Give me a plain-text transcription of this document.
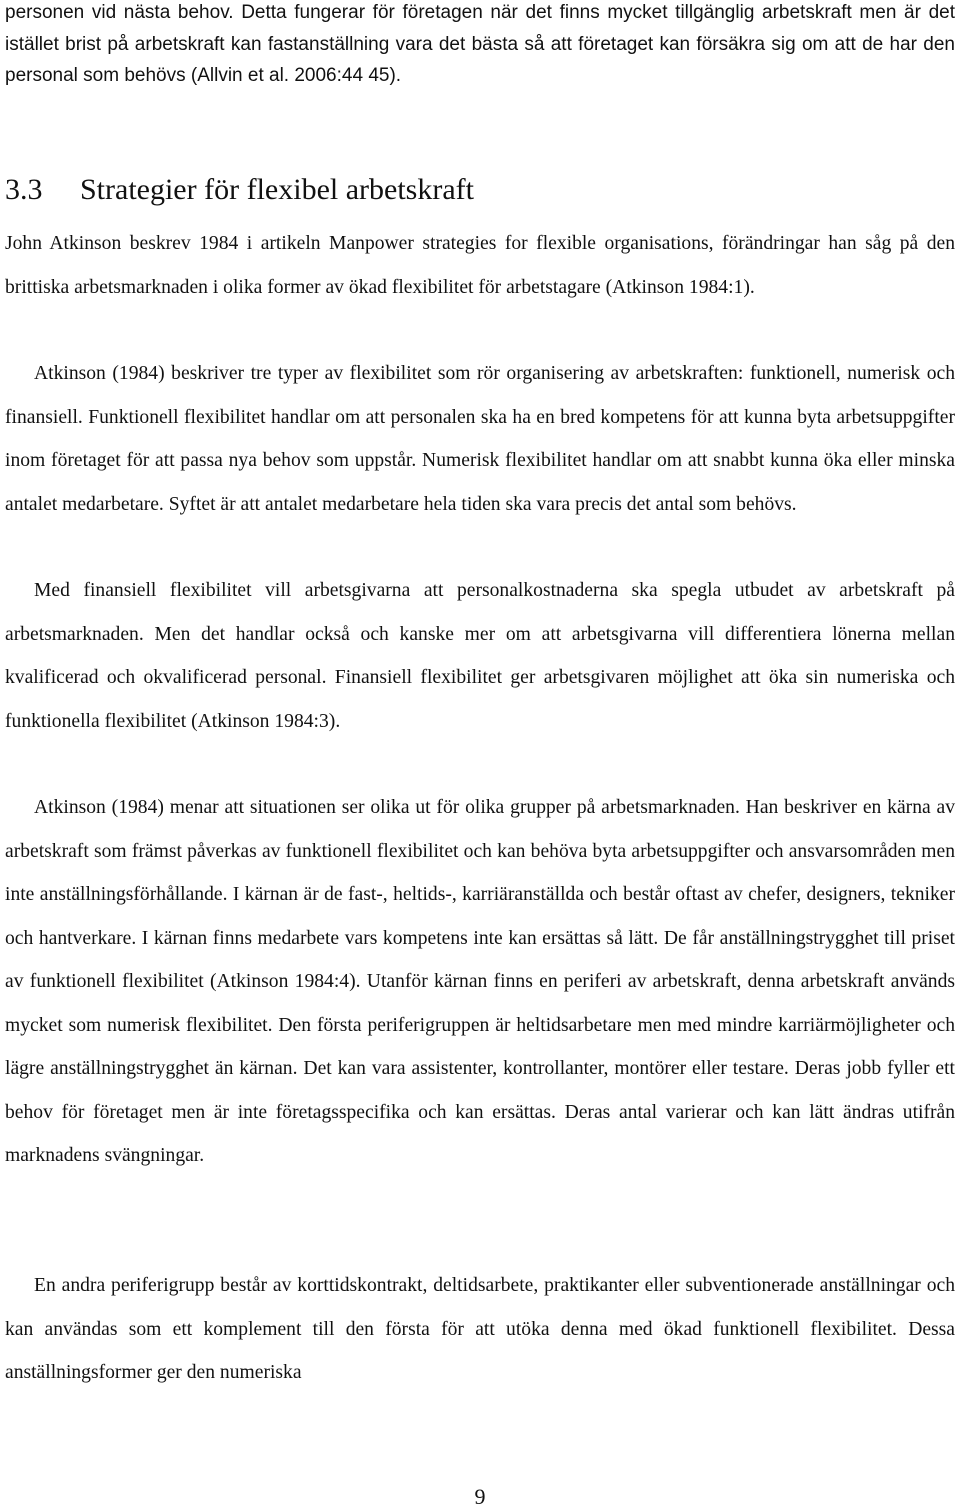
personen vid nästa behov. Detta fungerar för företagen när det finns mycket tillgänglig arbetskraft men är det istället brist på arbetskraft kan fastanställning vara det bästa så att företaget kan försäkra sig om att de har den personal som behövs (Allvin et al. 2006:44 45).

3.3 Strategier för flexibel arbetskraft

John Atkinson beskrev 1984 i artikeln Manpower strategies for flexible organisations, förändringar han såg på den brittiska arbetsmarknaden i olika former av ökad flexibilitet för arbetstagare (Atkinson 1984:1).

Atkinson (1984) beskriver tre typer av flexibilitet som rör organisering av arbetskraften: funktionell, numerisk och finansiell. Funktionell flexibilitet handlar om att personalen ska ha en bred kompetens för att kunna byta arbetsuppgifter inom företaget för att passa nya behov som uppstår. Numerisk flexibilitet handlar om att snabbt kunna öka eller minska antalet medarbetare. Syftet är att antalet medarbetare hela tiden ska vara precis det antal som behövs.

Med finansiell flexibilitet vill arbetsgivarna att personalkostnaderna ska spegla utbudet av arbetskraft på arbetsmarknaden. Men det handlar också och kanske mer om att arbetsgivarna vill differentiera lönerna mellan kvalificerad och okvalificerad personal. Finansiell flexibilitet ger arbetsgivaren möjlighet att öka sin numeriska och funktionella flexibilitet (Atkinson 1984:3).

Atkinson (1984) menar att situationen ser olika ut för olika grupper på arbetsmarknaden. Han beskriver en kärna av arbetskraft som främst påverkas av funktionell flexibilitet och kan behöva byta arbetsuppgifter och ansvarsområden men inte anställningsförhållande. I kärnan är de fast-, heltids-, karriäranställda och består oftast av chefer, designers, tekniker och hantverkare. I kärnan finns medarbete vars kompetens inte kan ersättas så lätt. De får anställningstrygghet till priset av funktionell flexibilitet (Atkinson 1984:4). Utanför kärnan finns en periferi av arbetskraft, denna arbetskraft används mycket som numerisk flexibilitet. Den första periferigruppen är heltidsarbetare men med mindre karriärmöjligheter och lägre anställningstrygghet än kärnan. Det kan vara assistenter, kontrollanter, montörer eller testare. Deras jobb fyller ett behov för företaget men är inte företagsspecifika och kan ersättas. Deras antal varierar och kan lätt ändras utifrån marknadens svängningar.

En andra periferigrupp består av korttidskontrakt, deltidsarbete, praktikanter eller subventionerade anställningar och kan användas som ett komplement till den första för att utöka denna med ökad funktionell flexibilitet. Dessa anställningsformer ger den numeriska

9
